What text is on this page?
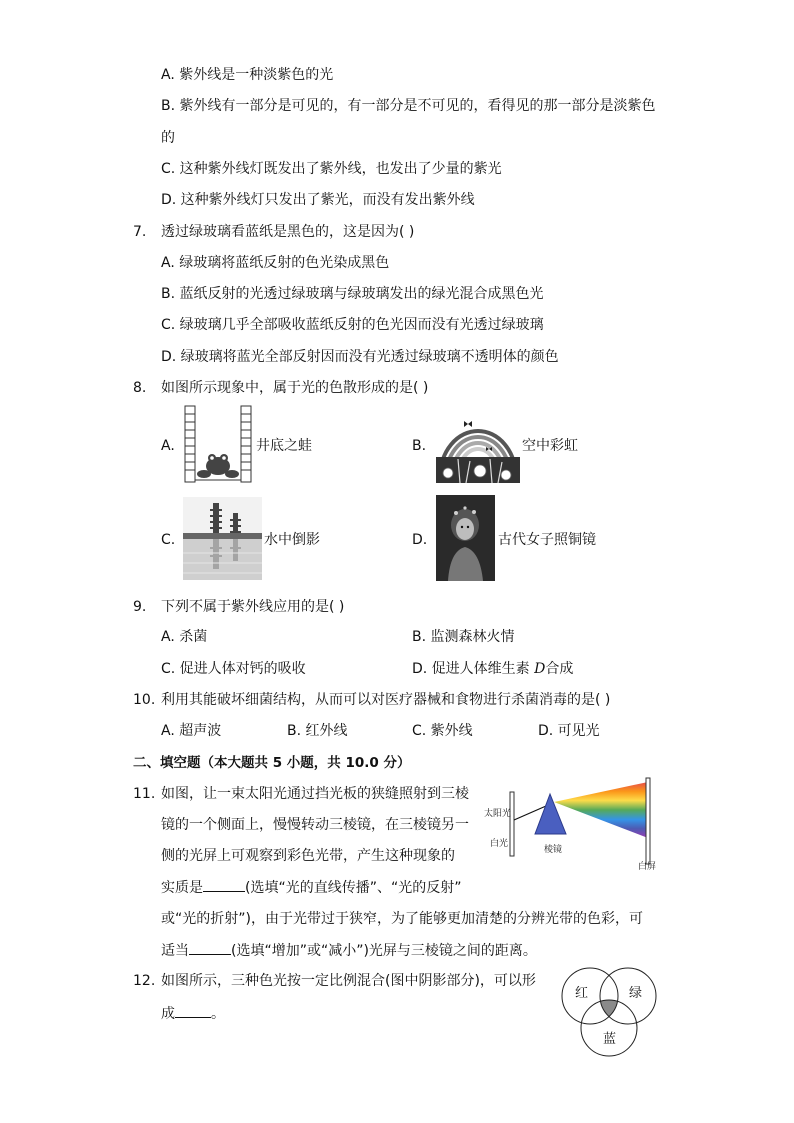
A. 紫外线是一种淡紫色的光
B. 紫外线有一部分是可见的，有一部分是不可见的，看得见的那一部分是淡紫色
的
C. 这种紫外线灯既发出了紫外线，也发出了少量的紫光
D. 这种紫外线灯只发出了紫光，而没有发出紫外线
7. 透过绿玻璃看蓝纸是黑色的，这是因为( )
A. 绿玻璃将蓝纸反射的色光染成黑色
B. 蓝纸反射的光透过绿玻璃与绿玻璃发出的绿光混合成黑色光
C. 绿玻璃几乎全部吸收蓝纸反射的色光因而没有光透过绿玻璃
D. 绿玻璃将蓝光全部反射因而没有光透过绿玻璃不透明体的颜色
8. 如图所示现象中，属于光的色散形成的是( )
A.	井底之蛙	B.	空中彩虹
C.	水中倒影	D.	古代女子照铜镜
9. 下列不属于紫外线应用的是( )
A. 杀菌	B. 监测森林火情
C. 促进人体对钙的吸收	D. 促进人体维生素 D合成
10. 利用其能破坏细菌结构，从而可以对医疗器械和食物进行杀菌消毒的是( )
A. 超声波	B. 红外线	C. 紫外线	D. 可见光
二、填空题（本大题共 5 小题，共 10.0 分）
11. 如图，让一束太阳光通过挡光板的狭缝照射到三棱
镜的一个侧面上，慢慢转动三棱镜，在三棱镜另一
侧的光屏上可观察到彩色光带，产生这种现象的
实质是	(选填“光的直线传播”、“光的反射”
或“光的折射”)，由于光带过于狭窄，为了能够更加清楚的分辨光带的色彩，可
适当	(选填“增加”或“减小”)光屏与三棱镜之间的距离。
太阳光
白光
棱镜
白屏
12. 如图所示，三种色光按一定比例混合(图中阴影部分)，可以形
成	。
红	绿
蓝
